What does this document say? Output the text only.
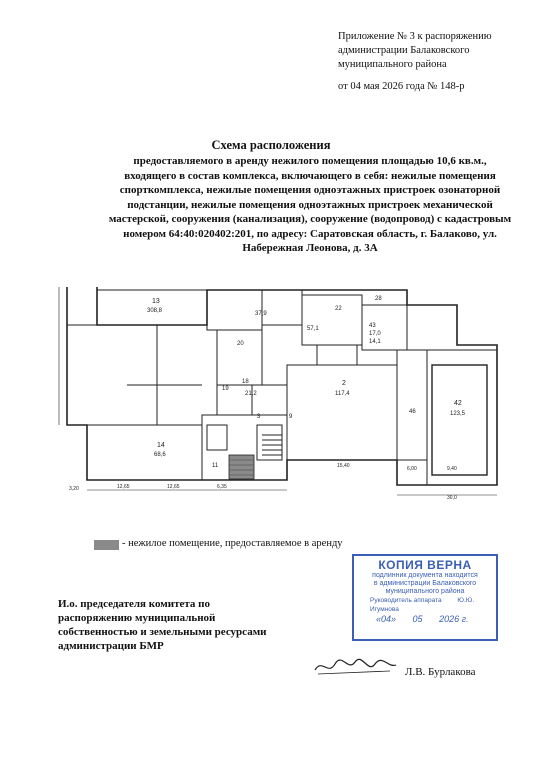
Приложение № 3 к распоряжению
администрации Балаковского
муниципального района
от 04 мая 2026 года № 148-р
Схема расположения
предоставляемого в аренду нежилого помещения площадью 10,6 кв.м.,
входящего в состав комплекса, включающего в себя: нежилые помещения
спорткомплекса, нежилые помещения одноэтажных пристроек озонаторной
подстанции, нежилые помещения одноэтажных пристроек механической
мастерской, сооружения (канализация), сооружение (водопровод) с кадастровым
номером 64:40:020402:201, по адресу: Саратовская область, г. Балаково, ул.
Набережная Леонова, д. 3А
13
308,8
14
68,6
2
117,4
42
123,5
43
17,0
28
22
11
19
18
20
3	9
46
37,9
21,2
57,1
14,1
12,65	12,65	6,35
15,40	9,40
6,00
3,20
30,0
- нежилое помещение, предоставляемое в аренду
КОПИЯ ВЕРНА
подлинник документа находится
в администрации Балаковского
муниципального района
Руководитель аппарата Ю.Ю. Игумнова
«04» 05 2026 г.
И.о. председателя комитета по
распоряжению муниципальной
собственностью и земельными ресурсами
администрации БМР
Л.В. Бурлакова
